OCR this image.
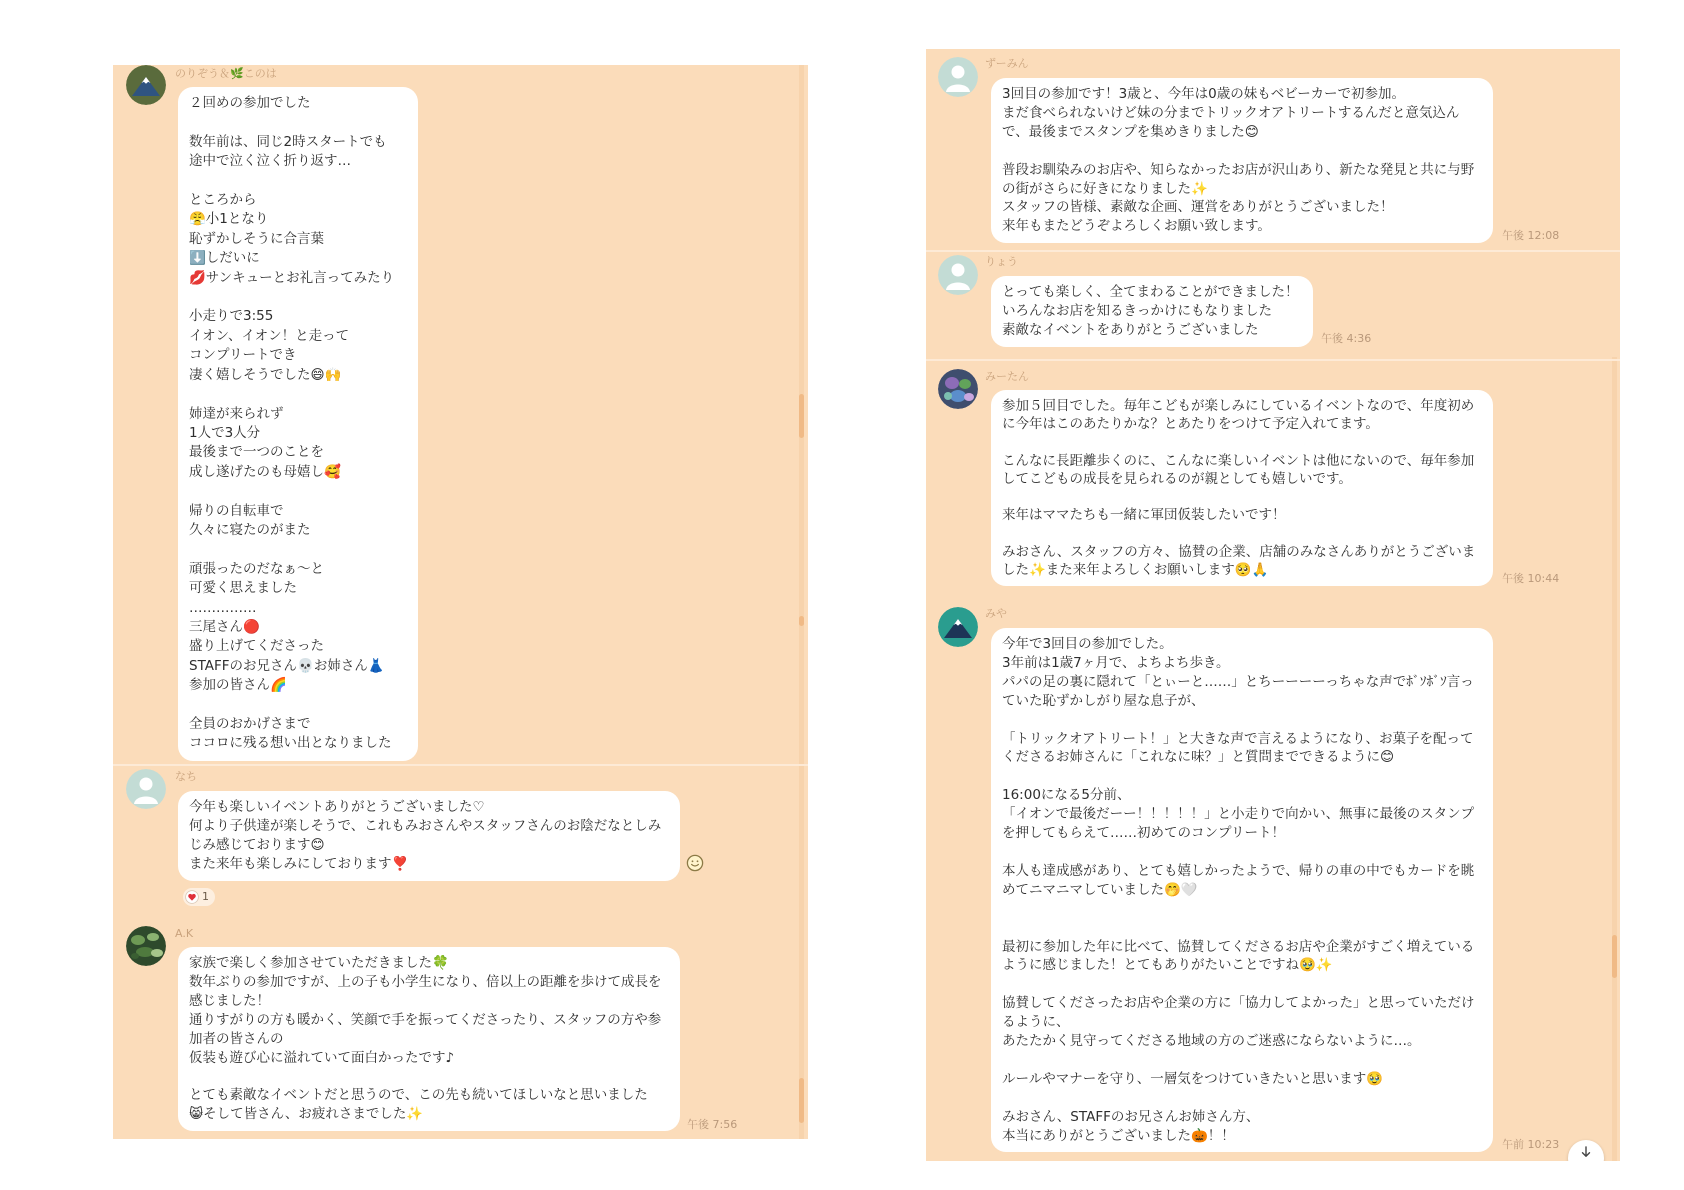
のりぞう＆🌿このは
２回めの参加でした

数年前は、同じ2時スタートでも
途中で泣く泣く折り返す…

ところから
😤小1となり
恥ずかしそうに合言葉
⬇️しだいに
💋サンキューとお礼言ってみたり

小走りで3:55
イオン、イオン！と走って
コンプリートでき
凄く嬉しそうでした😄🙌

姉達が来られず
1人で3人分
最後まで一つのことを
成し遂げたのも母嬉し🥰

帰りの自転車で
久々に寝たのがまた

頑張ったのだなぁ〜と
可愛く思えました
……………
三尾さん🔴
盛り上げてくださった
STAFFのお兄さん💀お姉さん👗
参加の皆さん🌈

全員のおかげさまで
ココロに残る想い出となりました
なち
今年も楽しいイベントありがとうございました♡
何より子供達が楽しそうで、これもみおさんやスタッフさんのお陰だなとしみ
じみ感じております😊
また来年も楽しみにしております❣️
1
A.K
家族で楽しく参加させていただきました🍀
数年ぶりの参加ですが、上の子も小学生になり、倍以上の距離を歩けて成長を
感じました！
通りすがりの方も暖かく、笑顔で手を振ってくださったり、スタッフの方や参
加者の皆さんの
仮装も遊び心に溢れていて面白かったです♪

とても素敵なイベントだと思うので、この先も続いてほしいなと思いました
😸そして皆さん、お疲れさまでした✨
午後 7:56
ずーみん
3回目の参加です！3歳と、今年は0歳の妹もベビーカーで初参加。
まだ食べられないけど妹の分までトリックオアトリートするんだと意気込ん
で、最後までスタンプを集めきりました😊

普段お馴染みのお店や、知らなかったお店が沢山あり、新たな発見と共に与野
の街がさらに好きになりました✨
スタッフの皆様、素敵な企画、運営をありがとうございました！
来年もまたどうぞよろしくお願い致します。
午後 12:08
りょう
とっても楽しく、全てまわることができました！
いろんなお店を知るきっかけにもなりました
素敵なイベントをありがとうございました
午後 4:36
みーたん
参加５回目でした。毎年こどもが楽しみにしているイベントなので、年度初め
に今年はこのあたりかな？とあたりをつけて予定入れてます。

こんなに長距離歩くのに、こんなに楽しいイベントは他にないので、毎年参加
してこどもの成長を見られるのが親としても嬉しいです。

来年はママたちも一緒に軍団仮装したいです！

みおさん、スタッフの方々、協賛の企業、店舗のみなさんありがとうございま
した✨また来年よろしくお願いします🥺🙏
午後 10:44
みや
今年で3回目の参加でした。
3年前は1歳7ヶ月で、よちよち歩き。
パパの足の裏に隠れて「とぃーと……」とちーーーーっちゃな声でﾎﾞｿﾎﾞｿ言っ
ていた恥ずかしがり屋な息子が、

「トリックオアトリート！」と大きな声で言えるようになり、お菓子を配って
くださるお姉さんに「これなに味？」と質問までできるように😊

16:00になる5分前、
「イオンで最後だーー！！！！！」と小走りで向かい、無事に最後のスタンプ
を押してもらえて……初めてのコンプリート！

本人も達成感があり、とても嬉しかったようで、帰りの車の中でもカードを眺
めてニマニマしていました🤭🤍

最初に参加した年に比べて、協賛してくださるお店や企業がすごく増えている
ように感じました！とてもありがたいことですね🥹✨

協賛してくださったお店や企業の方に「協力してよかった」と思っていただけ
るように、
あたたかく見守ってくださる地域の方のご迷惑にならないように…。

ルールやマナーを守り、一層気をつけていきたいと思います🥹

みおさん、STAFFのお兄さんお姉さん方、
本当にありがとうございました🎃！！
午前 10:23
